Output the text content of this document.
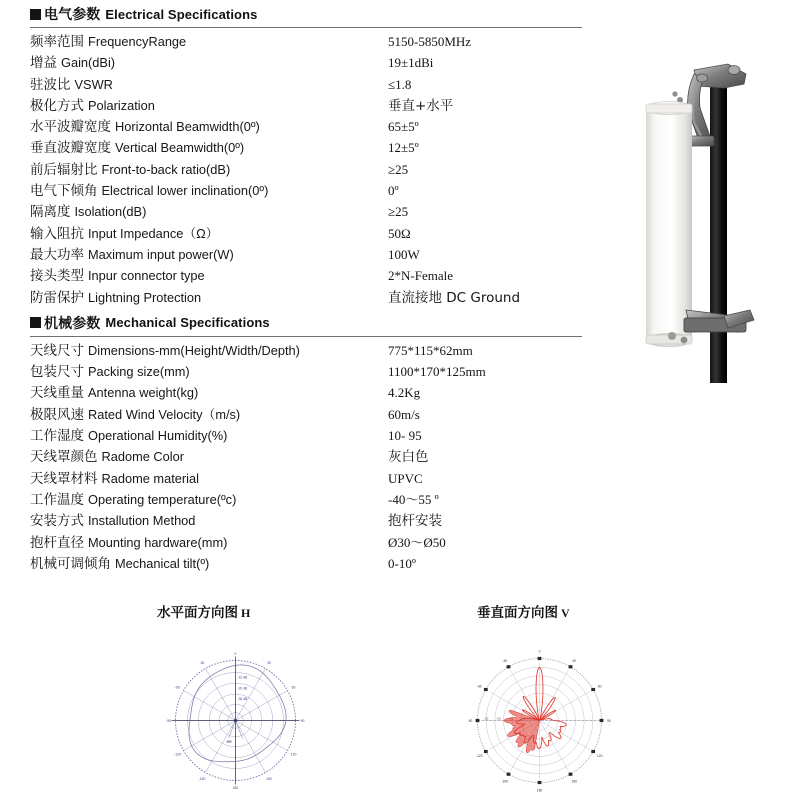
电气参数 Electrical Specifications
频率范围 FrequencyRange	5150-5850MHz
增益 Gain(dBi)	19±1dBi
驻波比 VSWR	≤1.8
极化方式 Polarization	垂直+水平
水平波瓣宽度 Horizontal Beamwidth(0º)	65±5º
垂直波瓣宽度 Vertical Beamwidth(0º)	12±5º
前后辐射比 Front-to-back ratio(dB)	≥25
电气下倾角 Electrical lower inclination(0º)	0º
隔离度 Isolation(dB)	≥25
输入阻抗 Input Impedance（Ω）	50Ω
最大功率 Maximum input power(W)	100W
接头类型 Inpur connector type	2*N-Female
防雷保护 Lightning Protection	直流接地 DC Ground
机械参数 Mechanical Specifications
天线尺寸 Dimensions-mm(Height/Width/Depth)	775*115*62mm
包装尺寸 Packing size(mm)	1100*170*125mm
天线重量 Antenna weight(kg)	4.2Kg
极限风速 Rated Wind Velocity（m/s)	60m/s
工作湿度 Operational Humidity(%)	10- 95
天线罩颜色 Radome Color	灰白色
天线罩材料 Radome material	UPVC
工作温度 Operating temperature(ºc)	-40～55 º
安装方式 Installution Method	抱杆安装
抱杆直径 Mounting hardware(mm)	Ø30～Ø50
机械可调倾角 Mechanical tilt(º)	0-10º
水平面方向图 H	垂直面方向图 V
0
30
60
90
120
150
180
-150
-120
-90
-60
-30
-10 dB
-20 dB
-30 dB
0
30
60
90
120
150
180
-150
-120
-90
-60
-30
-10	-20
